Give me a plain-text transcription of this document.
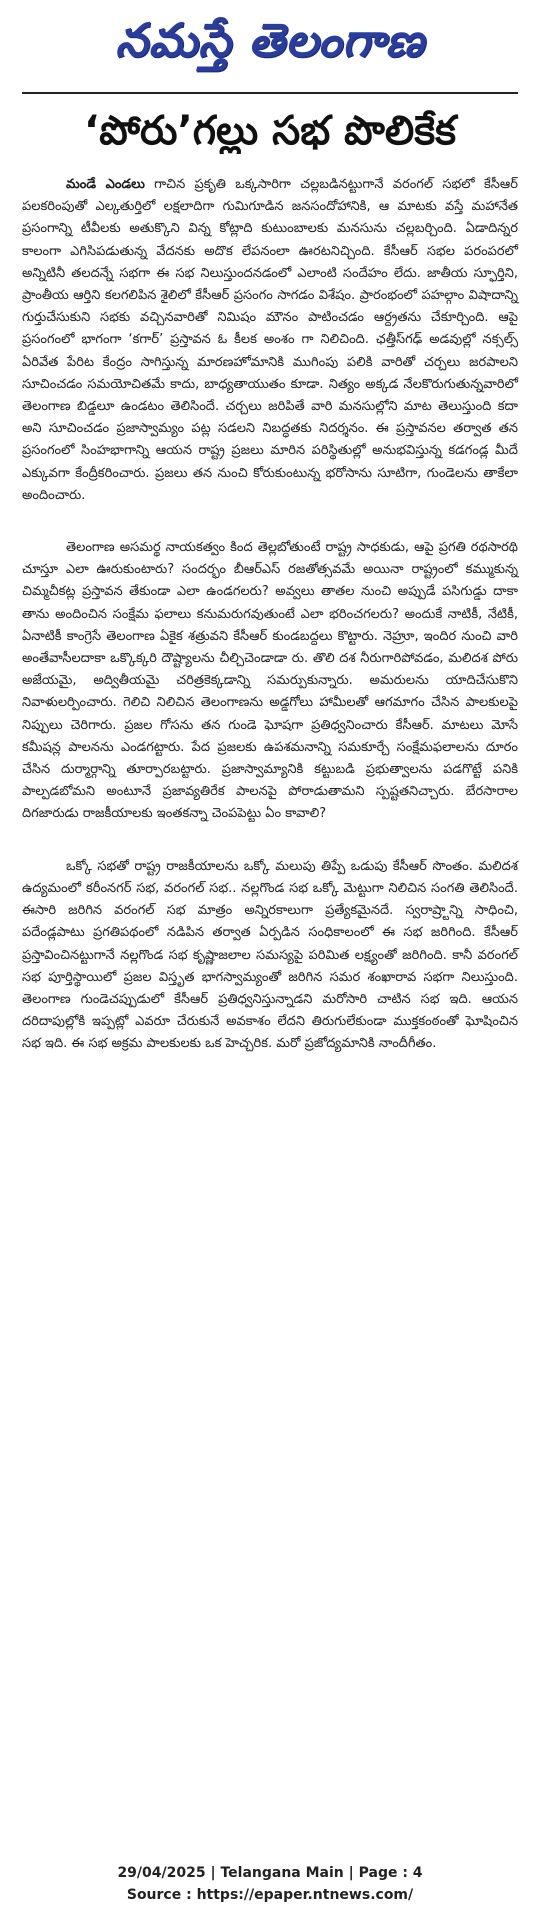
నమస్తే తెలంగాణ
‘పోరు’గల్లు సభ పొలికేక

మండే ఎండలు గాచిన ప్రకృతి ఒక్కసారిగా చల్లబడినట్టుగానే వరంగల్ సభలో కేసీఆర్ పలకరింపుతో ఎల్కతుర్తిలో లక్షలాదిగా గుమిగూడిన జనసందోహానికి, ఆ మాటకు వస్తే మహానేత ప్రసంగాన్ని టీవీలకు అతుక్కొని విన్న కోట్లాది కుటుంబాలకు మనసును చల్లబర్చింది. ఏడాదిన్నర కాలంగా ఎగిసిపడుతున్న వేదనకు అదొక లేపనంలా ఊరటనిచ్చింది. కేసీఆర్ సభల పరంపరలో అన్నిటినీ తలదన్నే సభగా ఈ సభ నిలుస్తుందనడంలో ఎలాంటి సందేహం లేదు. జాతీయ స్ఫూర్తిని, ప్రాంతీయ ఆర్తిని కలగలిపిన శైలిలో కేసీఆర్ ప్రసంగం సాగడం విశేషం. ప్రారంభంలో పహల్గాం విషాదాన్ని గుర్తుచేసుకుని సభకు వచ్చినవారితో నిమిషం మౌనం పాటించడం ఆర్ద్రతను చేకూర్చింది. ఆపై ప్రసంగంలో భాగంగా ‘కగార్’ ప్రస్తావన ఓ కీలక అంశం గా నిలిచింది. ఛత్తీస్‌గఢ్ అడవుల్లో నక్సల్స్ ఏరివేత పేరిట కేంద్రం సాగిస్తున్న మారణహోమానికి ముగింపు పలికి వారితో చర్చలు జరపాలని సూచించడం సమయోచితమే కాదు, బాధ్యతాయుతం కూడా. నిత్యం అక్కడ నేలకొరుగుతున్నవారిలో తెలంగాణ బిడ్డలూ ఉండటం తెలిసిందే. చర్చలు జరిపితే వారి మనసుల్లోని మాట తెలుస్తుంది కదా అని సూచించడం ప్రజాస్వామ్యం పట్ల సడలని నిబద్ధతకు నిదర్శనం. ఈ ప్రస్తావనల తర్వాత తన ప్రసంగంలో సింహభాగాన్ని ఆయన రాష్ట్ర ప్రజలు మారిన పరిస్థితుల్లో అనుభవిస్తున్న కడగండ్ల మీదే ఎక్కువగా కేంద్రీకరించారు. ప్రజలు తన నుంచి కోరుకుంటున్న భరోసాను సూటిగా, గుండెలను తాకేలా అందించారు.

తెలంగాణ అసమర్థ నాయకత్వం కింద తెల్లబోతుంటే రాష్ట్ర సాధకుడు, ఆపై ప్రగతి రథసారథి చూస్తూ ఎలా ఊరుకుంటారు? సందర్భం బీఆర్ఎస్ రజతోత్సవమే అయినా రాష్ట్రంలో కమ్ముకున్న చిమ్మచీకట్ల ప్రస్తావన తేకుండా ఎలా ఉండగలరు? అవ్వలు తాతల నుంచి అప్పుడే పసిగుడ్డు దాకా తాను అందించిన సంక్షేమ ఫలాలు కనుమరుగవుతుంటే ఎలా భరించగలరు? అందుకే నాటికీ, నేటికీ, ఏనాటికీ కాంగ్రెసే తెలంగాణ ఏకైక శత్రువని కేసీఆర్ కుండబద్దలు కొట్టారు. నెహ్రూ, ఇందిర నుంచి వారి అంతేవాసీలదాకా ఒక్కొక్కరి దౌష్ట్యాలను చీల్చిచెండాడా రు. తొలి దశ నీరుగారిపోవడం, మలిదశ పోరు అజేయమై, అద్వితీయమై చరిత్రకెక్కడాన్ని సమర్పుకున్నారు. అమరులను యాదిచేసుకొని నివాళులర్పించారు. గెలిచి నిలిచిన తెలంగాణను అడ్డగోలు హామీలతో ఆగమాగం చేసిన పాలకులపై నిప్పులు చెరిగారు. ప్రజల గోసను తన గుండె ఘోషగా ప్రతిధ్వనించారు కేసీఆర్. మాటలు మోసే కమీషన్ల పాలనను ఎండగట్టారు. పేద ప్రజలకు ఉపశమనాన్ని సమకూర్చే సంక్షేమఫలాలను దూరం చేసిన దుర్మార్గాన్ని తూర్పారబట్టారు. ప్రజాస్వామ్యానికి కట్టుబడి ప్రభుత్వాలను పడగొట్టే పనికి పాల్పడబోమని అంటూనే ప్రజావ్యతిరేక పాలనపై పోరాడుతామని స్పష్టతనిచ్చారు. బేరసారాల దిగజారుడు రాజకీయాలకు ఇంతకన్నా చెంపపెట్టు ఏం కావాలి?

ఒక్కో సభతో రాష్ట్ర రాజకీయాలను ఒక్కో మలుపు తిప్పే ఒడుపు కేసీఆర్ సొంతం. మలిదశ ఉద్యమంలో కరీంనగర్ సభ, వరంగల్ సభ.. నల్లగొండ సభ ఒక్కో మెట్టుగా నిలిచిన సంగతి తెలిసిందే. ఈసారి జరిగిన వరంగల్ సభ మాత్రం అన్నిరకాలుగా ప్రత్యేకమైనదే. స్వరాష్ర్టాన్ని సాధించి, పదేండ్లపాటు ప్రగతిపథంలో నడిపిన తర్వాత ఏర్పడిన సంధికాలంలో ఈ సభ జరిగింది. కేసీఆర్ ప్రస్తావించినట్టుగానే నల్లగొండ సభ కృష్ణాజలాల సమస్యపై పరిమిత లక్ష్యంతో జరిగింది. కానీ వరంగల్ సభ పూర్తిస్థాయిలో ప్రజల విస్తృత భాగస్వామ్యంతో జరిగిన సమర శంఖారావ సభగా నిలుస్తుంది. తెలంగాణ గుండెచప్పుడులో కేసీఆర్ ప్రతిధ్వనిస్తున్నాడని మరోసారి చాటిన సభ ఇది. ఆయన దరిదాపుల్లోకి ఇప్పట్లో ఎవరూ చేరుకునే అవకాశం లేదని తిరుగులేకుండా ముక్తకంఠంతో ఘోషించిన సభ ఇది. ఈ సభ అక్రమ పాలకులకు ఒక హెచ్చరిక. మరో ప్రజోద్యమానికి నాందీగీతం.

29/04/2025 | Telangana Main | Page : 4
Source : https://epaper.ntnews.com/
